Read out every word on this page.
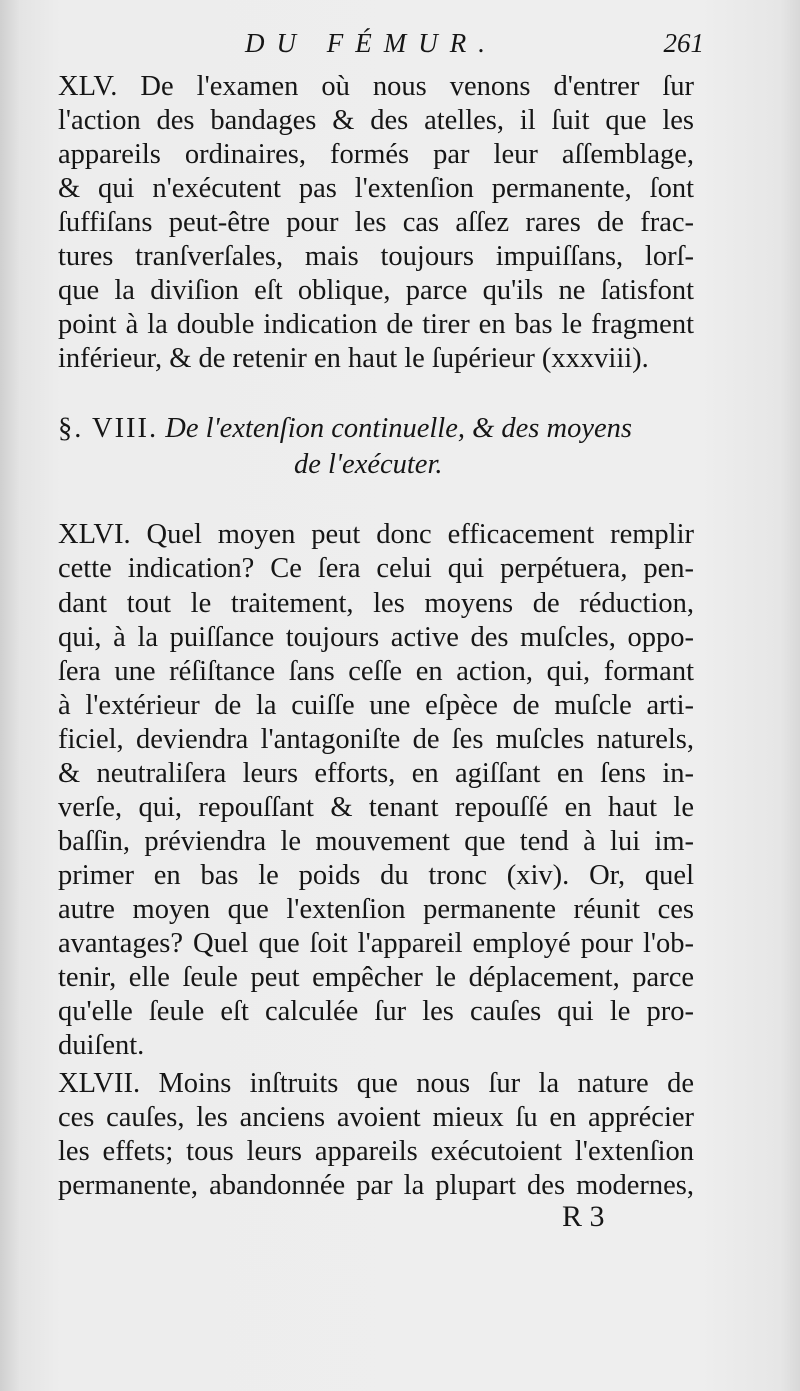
DU FÉMUR.	261
XLV. De l'examen où nous venons d'entrer ſur
l'action des bandages & des atelles, il ſuit que les
appareils ordinaires, formés par leur aſſemblage,
& qui n'exécutent pas l'extenſion permanente, ſont
ſuffiſans peut-être pour les cas aſſez rares de frac-
tures tranſverſales, mais toujours impuiſſans, lorſ-
que la diviſion eſt oblique, parce qu'ils ne ſatisfont
point à la double indication de tirer en bas le fragment
inférieur, & de retenir en haut le ſupérieur (xxxviii).
§. VIII. De l'extenſion continuelle, & des moyens
de l'exécuter.
XLVI. Quel moyen peut donc efficacement remplir
cette indication? Ce ſera celui qui perpétuera, pen-
dant tout le traitement, les moyens de réduction,
qui, à la puiſſance toujours active des muſcles, oppo-
ſera une réſiſtance ſans ceſſe en action, qui, formant
à l'extérieur de la cuiſſe une eſpèce de muſcle arti-
ficiel, deviendra l'antagoniſte de ſes muſcles naturels,
& neutraliſera leurs efforts, en agiſſant en ſens in-
verſe, qui, repouſſant & tenant repouſſé en haut le
baſſin, préviendra le mouvement que tend à lui im-
primer en bas le poids du tronc (xiv). Or, quel
autre moyen que l'extenſion permanente réunit ces
avantages? Quel que ſoit l'appareil employé pour l'ob-
tenir, elle ſeule peut empêcher le déplacement, parce
qu'elle ſeule eſt calculée ſur les cauſes qui le pro-
duiſent.
XLVII. Moins inſtruits que nous ſur la nature de
ces cauſes, les anciens avoient mieux ſu en apprécier
les effets; tous leurs appareils exécutoient l'extenſion
permanente, abandonnée par la plupart des modernes,
R 3
